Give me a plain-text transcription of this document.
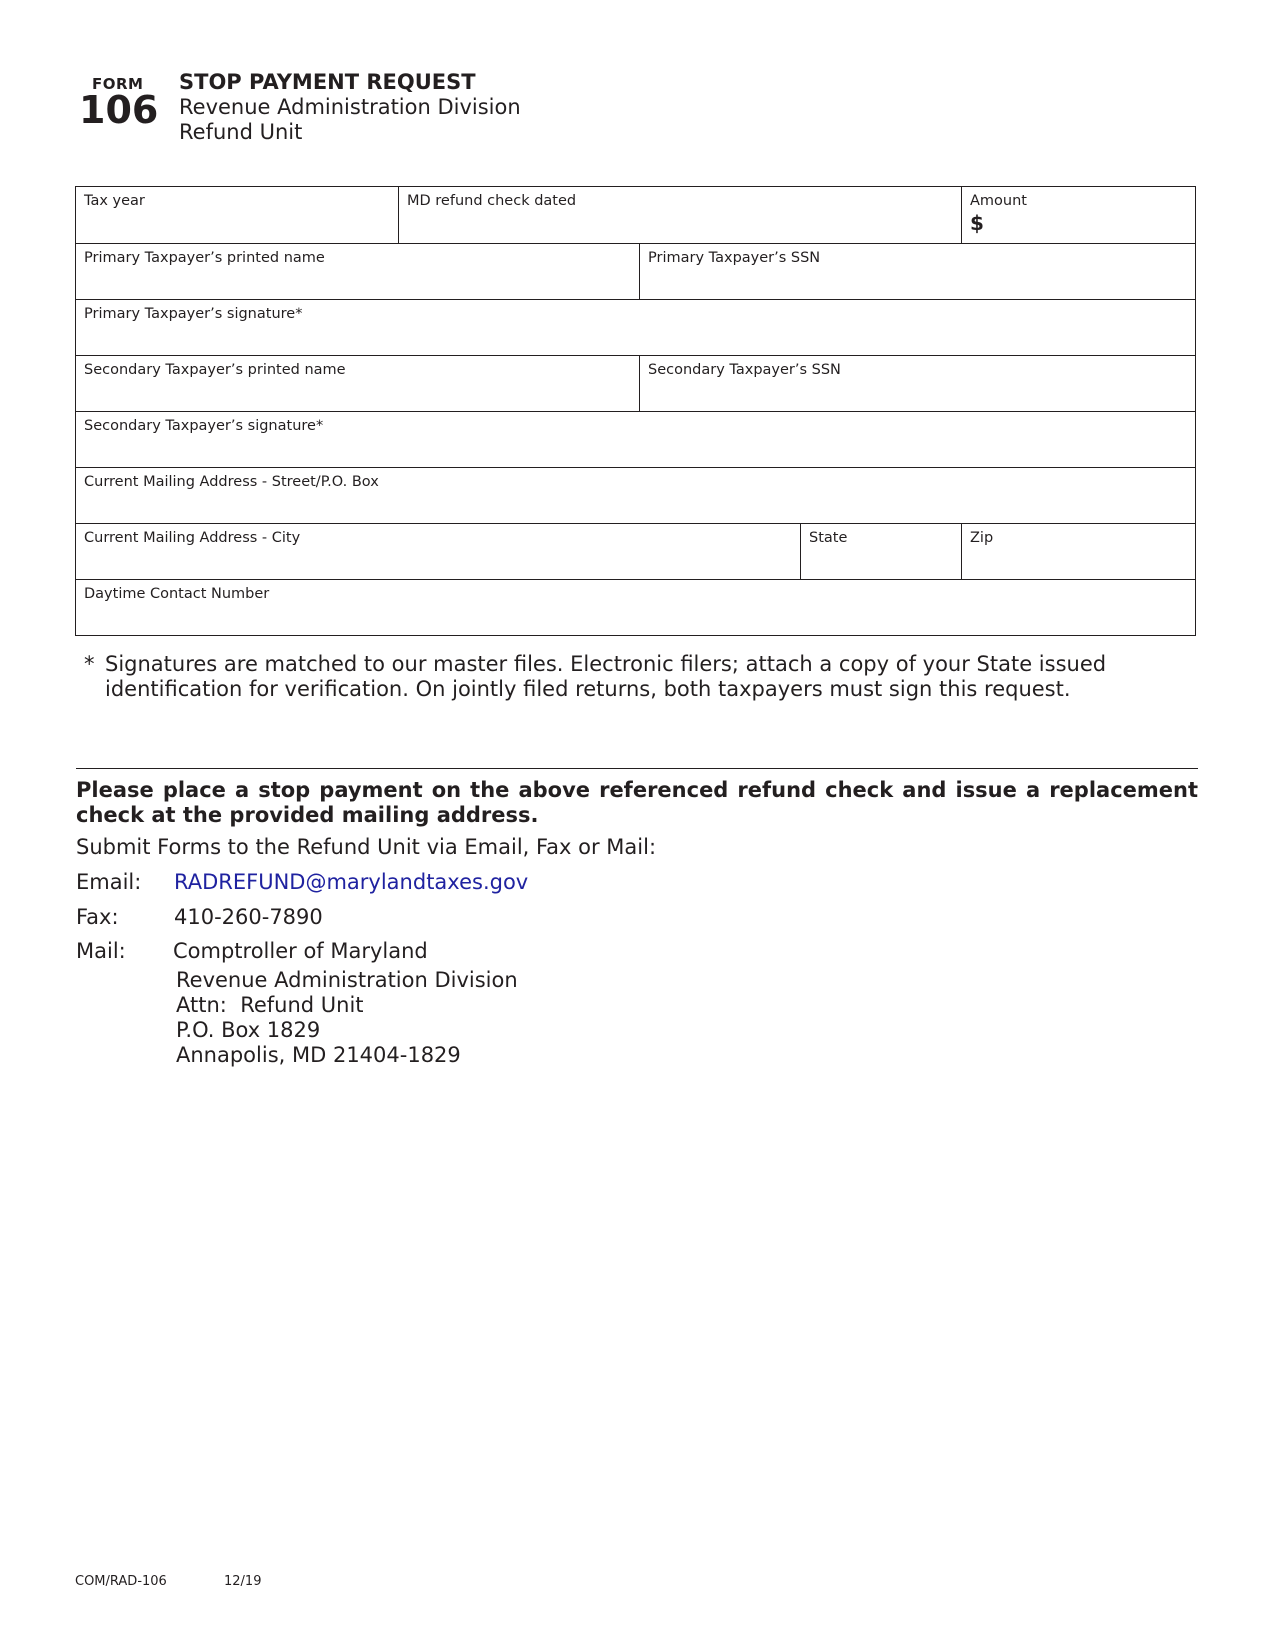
FORM
106
STOP PAYMENT REQUEST
Revenue Administration Division
Refund Unit
Tax year	MD refund check dated	Amount
$
Primary Taxpayer’s printed name	Primary Taxpayer’s SSN
Primary Taxpayer’s signature*
Secondary Taxpayer’s printed name	Secondary Taxpayer’s SSN
Secondary Taxpayer’s signature*
Current Mailing Address - Street/P.O. Box
Current Mailing Address - City	State	Zip
Daytime Contact Number
* Signatures are matched to our master files. Electronic filers; attach a copy of your State issued identification for verification. On jointly filed returns, both taxpayers must sign this request.
Please place a stop payment on the above referenced refund check and issue a replacement check at the provided mailing address.
Submit Forms to the Refund Unit via Email, Fax or Mail:
Email: RADREFUND@marylandtaxes.gov
Fax:	410-260-7890
Mail: Comptroller of Maryland
Revenue Administration Division
Attn:  Refund Unit
P.O. Box 1829
Annapolis, MD 21404-1829
COM/RAD-106	12/19
